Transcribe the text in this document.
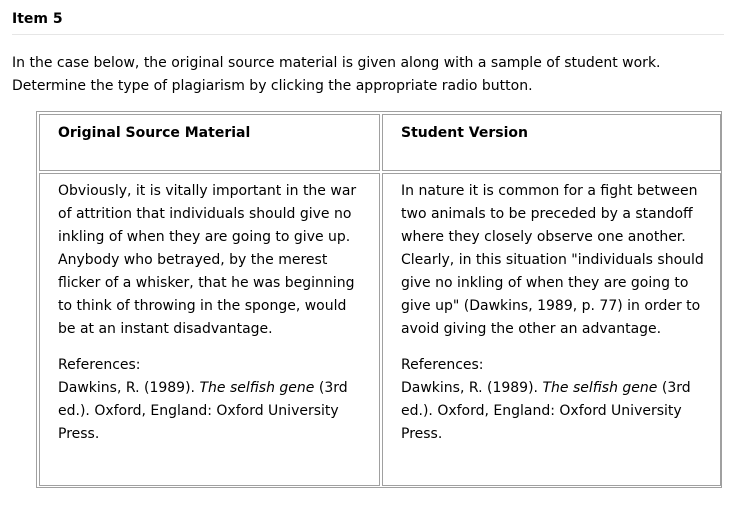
Item 5
In the case below, the original source material is given along with a sample of student work.
Determine the type of plagiarism by clicking the appropriate radio button.
Original Source Material	Student Version
Obviously, it is vitally important in the war of attrition that individuals should give no inkling of when they are going to give up. Anybody who betrayed, by the merest flicker of a whisker, that he was beginning to think of throwing in the sponge, would be at an instant disadvantage.
References:
Dawkins, R. (1989). The selfish gene (3rd ed.). Oxford, England: Oxford University Press.
In nature it is common for a fight between two animals to be preceded by a standoff where they closely observe one another. Clearly, in this situation "individuals should give no inkling of when they are going to give up" (Dawkins, 1989, p. 77) in order to avoid giving the other an advantage.
References:
Dawkins, R. (1989). The selfish gene (3rd ed.). Oxford, England: Oxford University Press.
